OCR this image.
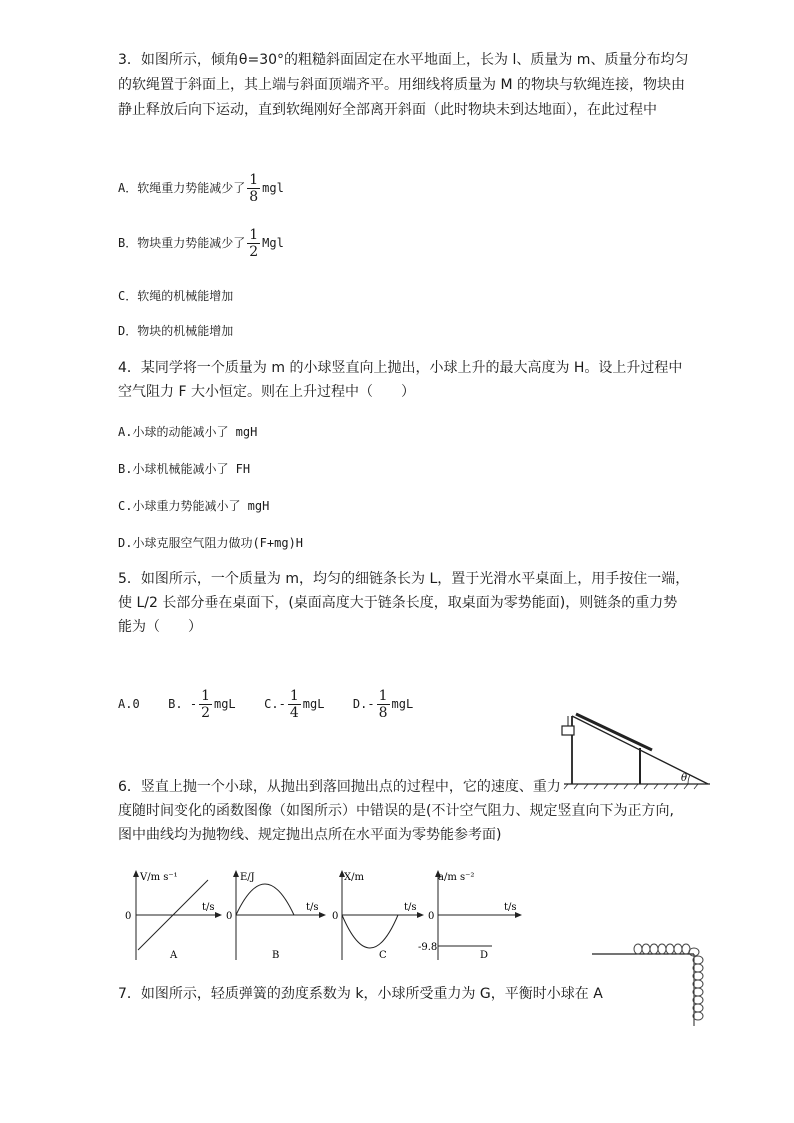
3．如图所示，倾角θ=30°的粗糙斜面固定在水平地面上，长为 l、质量为 m、质量分布均匀
的软绳置于斜面上，其上端与斜面顶端齐平。用细线将质量为 M 的物块与软绳连接，物块由
静止释放后向下运动，直到软绳刚好全部离开斜面（此时物块未到达地面），在此过程中
A．软绳重力势能减少了 $\frac{1}{8}$ mgl
B．物块重力势能减少了 $\frac{1}{2}$ Mgl
C．软绳的机械能增加
D．物块的机械能增加
4．某同学将一个质量为 m 的小球竖直向上抛出，小球上升的最大高度为 H。设上升过程中
空气阻力 F 大小恒定。则在上升过程中（　　）
A.小球的动能减小了 mgH
B.小球机械能减小了 FH
C.小球重力势能减小了 mgH
D.小球克服空气阻力做功(F+mg)H
5．如图所示，一个质量为 m，均匀的细链条长为 L，置于光滑水平桌面上，用手按住一端，
使 L/2 长部分垂在桌面下，(桌面高度大于链条长度，取桌面为零势能面)，则链条的重力势
能为（　　）
A.0 B. - $\frac{1}{2}$ mgL $C.- \frac{1}{4}$ mgL $D.- \frac{1}{8}$ mgL
θ
6．竖直上抛一个小球，从抛出到落回抛出点的过程中，它的速度、重力
度随时间变化的函数图像（如图所示）中错误的是(不计空气阻力、规定竖直向下为正方向,
图中曲线均为抛物线、规定抛出点所在水平面为零势能参考面)
V/m s⁻¹
t/s
0
A
E/J
t/s
0
B
X/m
t/s
0
C
a/m s⁻²
t/s
0
-9.8
D
7．如图所示，轻质弹簧的劲度系数为 k，小球所受重力为 G，平衡时小球在 A
